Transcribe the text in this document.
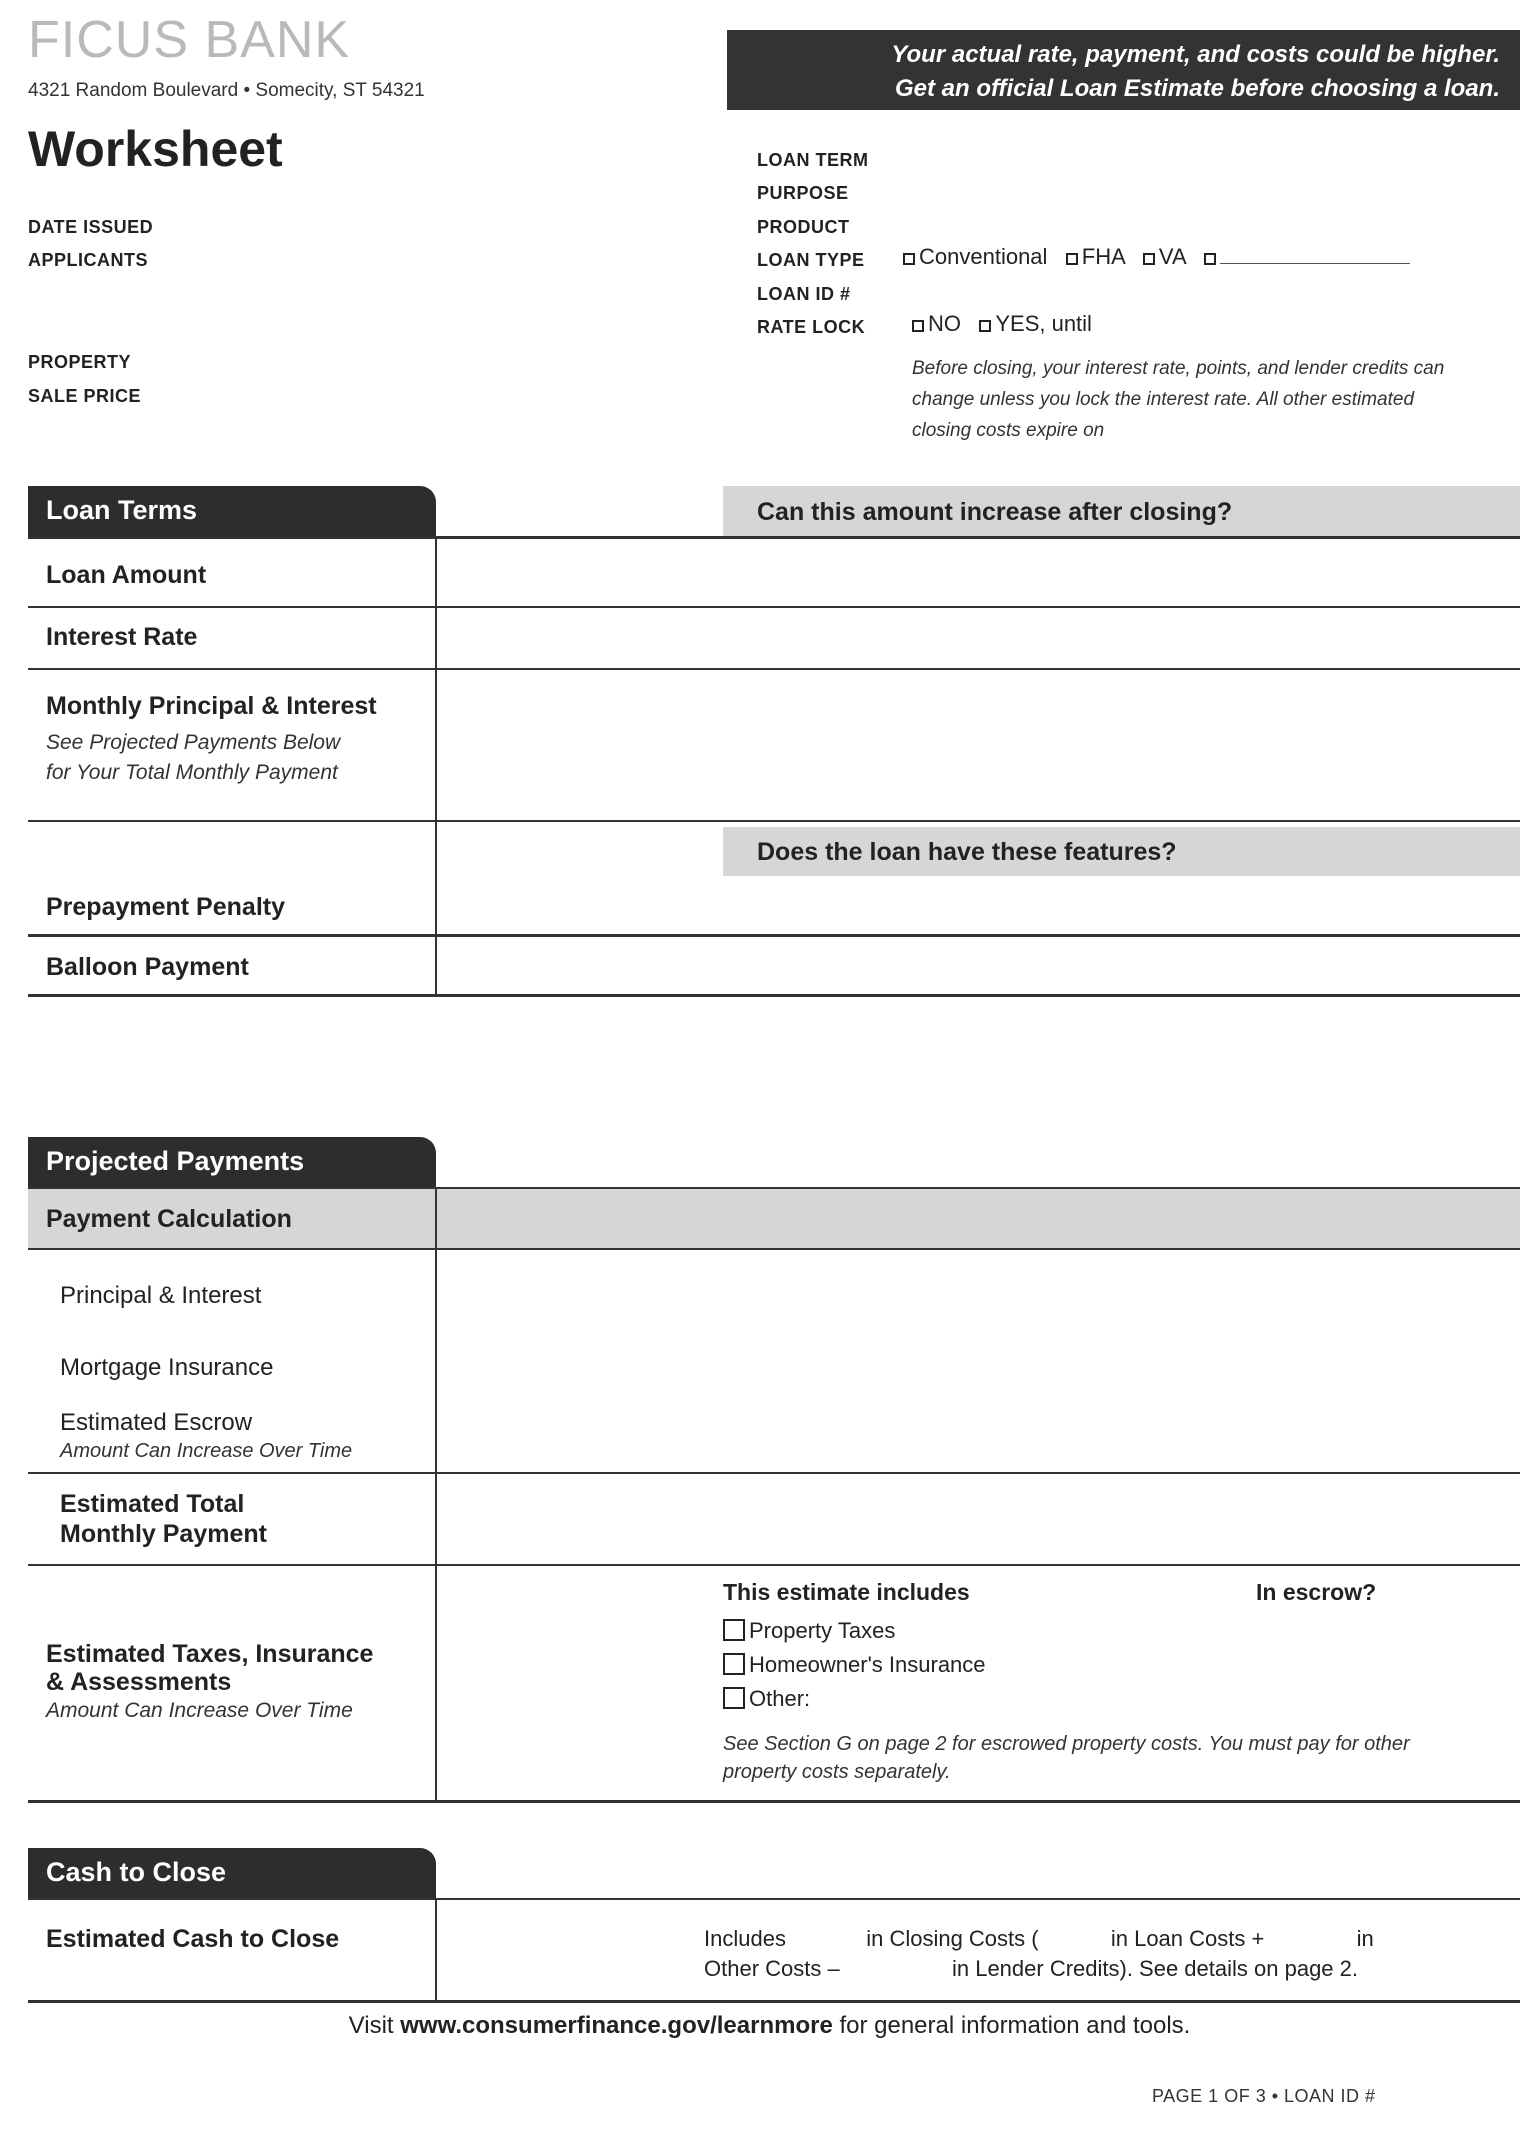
FICUS BANK
4321 Random Boulevard • Somecity, ST 54321
Your actual rate, payment, and costs could be higher.
Get an official Loan Estimate before choosing a loan.
Worksheet
DATE ISSUED
APPLICANTS
PROPERTY
SALE PRICE
LOAN TERM
PURPOSE
PRODUCT
LOAN TYPE	Conventional FHA VA
LOAN ID #
RATE LOCK	NO YES, until
Before closing, your interest rate, points, and lender credits can
change unless you lock the interest rate. All other estimated
closing costs expire on
Loan Terms	Can this amount increase after closing?
Loan Amount
Interest Rate
Monthly Principal & Interest
See Projected Payments Below
for Your Total Monthly Payment
Does the loan have these features?
Prepayment Penalty
Balloon Payment
Projected Payments
Payment Calculation
Principal & Interest
Mortgage Insurance
Estimated Escrow
Amount Can Increase Over Time
Estimated Total
Monthly Payment
Estimated Taxes, Insurance
& Assessments
Amount Can Increase Over Time
This estimate includes	In escrow?
Property Taxes
Homeowner's Insurance
Other:
See Section G on page 2 for escrowed property costs. You must pay for other
property costs separately.
Cash to Close
Estimated Cash to Close	Includes	in Closing Costs (	in Loan Costs +	in
Other Costs –	in Lender Credits). See details on page 2.
Visit www.consumerfinance.gov/learnmore for general information and tools.
PAGE 1 OF 3 • LOAN ID #
